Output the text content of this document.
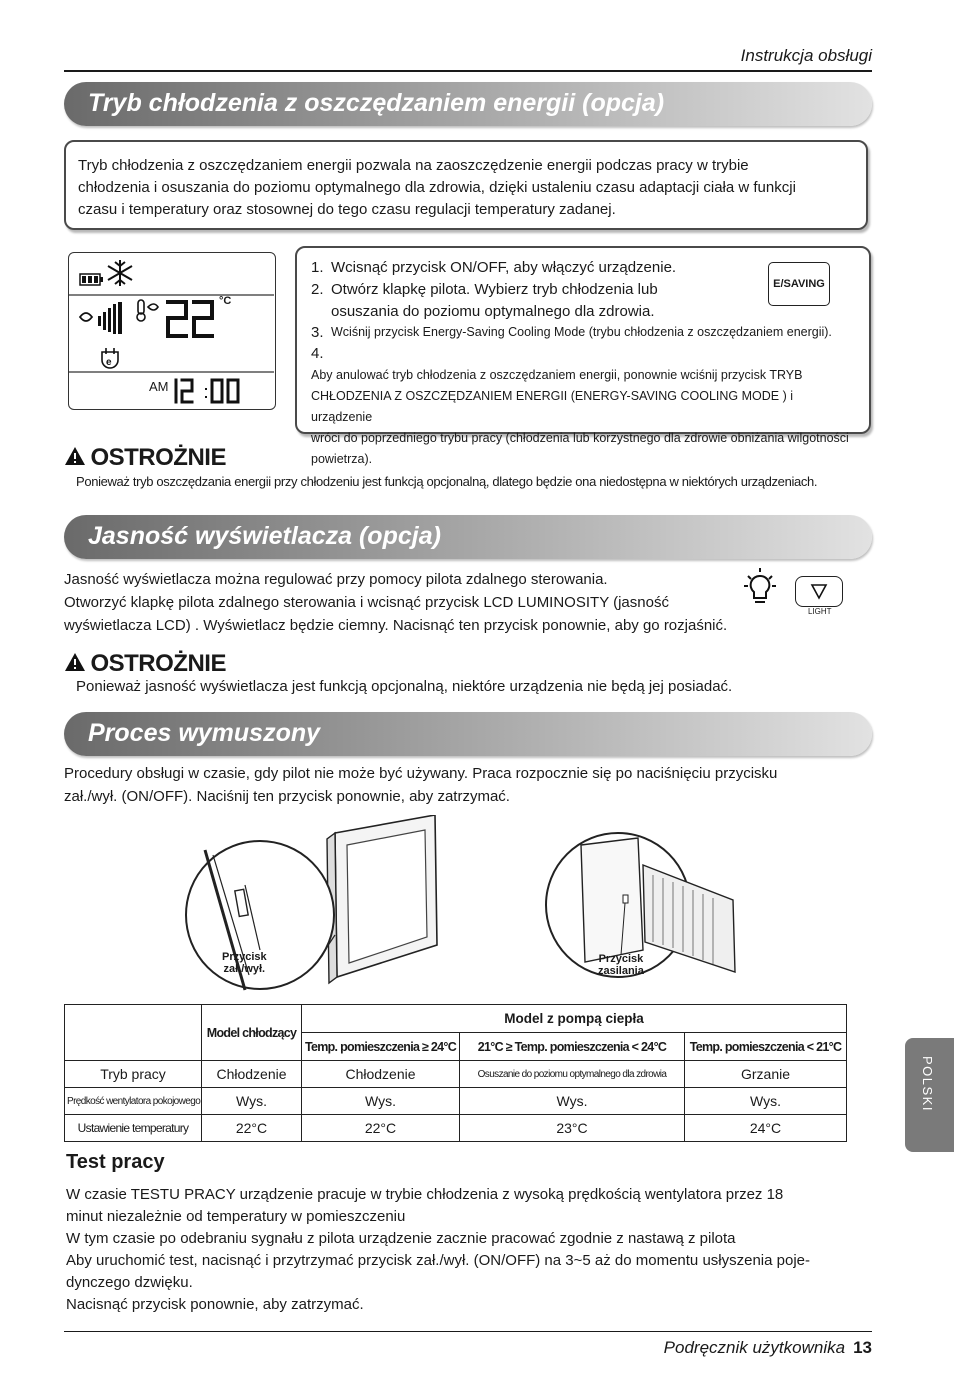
Instrukcja obsługi
Tryb chłodzenia z oszczędzaniem energii (opcja)
Tryb chłodzenia z oszczędzaniem energii pozwala na zaoszczędzenie energii podczas pracy w trybie
chłodzenia i osuszania do poziomu optymalnego dla zdrowia, dzięki ustaleniu czasu adaptacji ciała w funkcji
czasu i temperatury oraz stosownej do tego czasu regulacji temperatury zadanej.
e
°C
AM
1. Wcisnąć przycisk ON/OFF, aby włączyć urządzenie.
2. Otwórz klapkę pilota. Wybierz tryb chłodzenia lub
osuszania do poziomu optymalnego dla zdrowia.
3. Wciśnij przycisk Energy-Saving Cooling Mode (trybu chłodzenia z oszczędzaniem energii).
4.
Aby anulować tryb chłodzenia z oszczędzaniem energii, ponownie wciśnij przycisk TRYB
CHŁODZENIA Z OSZCZĘDZANIEM ENERGII (ENERGY-SAVING COOLING MODE ) i urządzenie
wróci do poprzedniego trybu pracy (chłodzenia lub korzystnego dla zdrowie obniżania wilgotności
powietrza).
E/SAVING
OSTROŻNIE
Ponieważ tryb oszczędzania energii przy chłodzeniu jest funkcją opcjonalną, dlatego będzie ona niedostępna w niektórych urządzeniach.
Jasność wyświetlacza (opcja)
Jasność wyświetlacza można regulować przy pomocy pilota zdalnego sterowania.
Otworzyć klapkę pilota zdalnego sterowania i wcisnąć przycisk LCD LUMINOSITY (jasność
wyświetlacza LCD) . Wyświetlacz będzie ciemny. Nacisnąć ten przycisk ponownie, aby go rozjaśnić.
LIGHT
OSTROŻNIE
Ponieważ jasność wyświetlacza jest funkcją opcjonalną, niektóre urządzenia nie będą jej posiadać.
Proces wymuszony
Procedury obsługi w czasie, gdy pilot nie może być używany. Praca rozpocznie się po naciśnięciu przycisku
zał./wył. (ON/OFF). Naciśnij ten przycisk ponownie, aby zatrzymać.
Przycisk
zał./wył.
Przycisk
zasilania
	Model chłodzący	Model z pompą ciepła		
		Temp. pomieszczenia ≥ 24°C	21°C ≥ Temp. pomieszczenia < 24°C	Temp. pomieszczenia < 21°C
Tryb pracy	Chłodzenie	Chłodzenie	Osuszanie do poziomu optymalnego dla zdrowia	Grzanie
Prędkość wentylatora pokojowego	Wys.	Wys.	Wys.	Wys.
Ustawienie temperatury	22°C	22°C	23°C	24°C
Test pracy
W czasie TESTU PRACY urządzenie pracuje w trybie chłodzenia z wysoką prędkością wentylatora przez 18
minut niezależnie od temperatury w pomieszczeniu
W tym czasie po odebraniu sygnału z pilota urządzenie zacznie pracować zgodnie z nastawą z pilota
Aby uruchomić test, nacisnąć i przytrzymać przycisk zał./wył. (ON/OFF) na 3~5 aż do momentu usłyszenia poje-
dynczego dzwięku.
Nacisnąć przycisk ponownie, aby zatrzymać.
POLSKI
Podręcznik użytkownika 13
